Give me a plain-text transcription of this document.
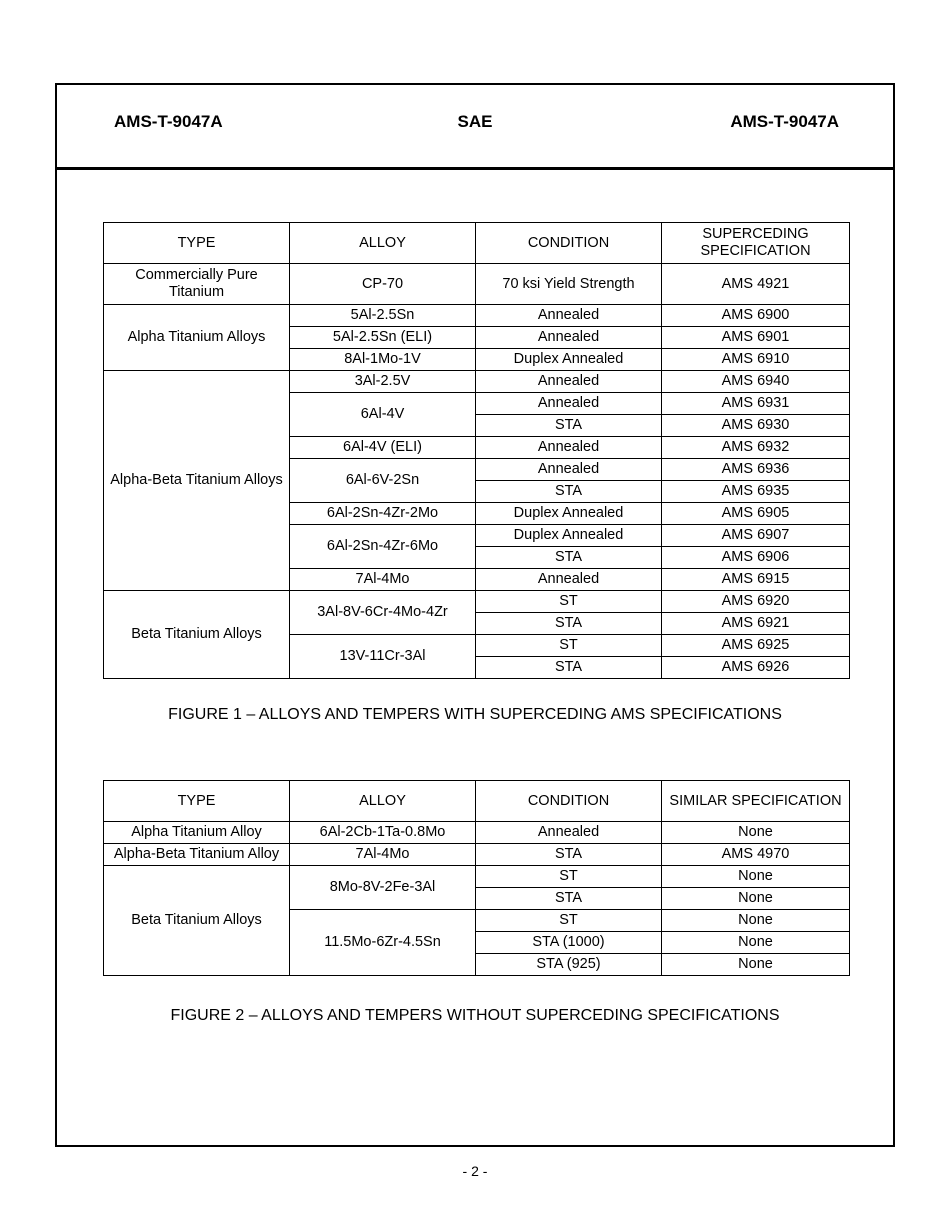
AMS-T-9047A	SAE	AMS-T-9047A
TYPE	ALLOY	CONDITION	SUPERCEDING SPECIFICATION
Commercially Pure Titanium	CP-70	70 ksi Yield Strength	AMS 4921
Alpha Titanium Alloys	5Al-2.5Sn	Annealed	AMS 6900
	5Al-2.5Sn (ELI)	Annealed	AMS 6901
	8Al-1Mo-1V	Duplex Annealed	AMS 6910
Alpha-Beta Titanium Alloys	3Al-2.5V	Annealed	AMS 6940
	6Al-4V	Annealed	AMS 6931
		STA	AMS 6930
	6Al-4V (ELI)	Annealed	AMS 6932
	6Al-6V-2Sn	Annealed	AMS 6936
		STA	AMS 6935
	6Al-2Sn-4Zr-2Mo	Duplex Annealed	AMS 6905
	6Al-2Sn-4Zr-6Mo	Duplex Annealed	AMS 6907
		STA	AMS 6906
	7Al-4Mo	Annealed	AMS 6915
Beta Titanium Alloys	3Al-8V-6Cr-4Mo-4Zr	ST	AMS 6920
		STA	AMS 6921
	13V-11Cr-3Al	ST	AMS 6925
		STA	AMS 6926
FIGURE 1 – ALLOYS AND TEMPERS WITH SUPERCEDING AMS SPECIFICATIONS
TYPE	ALLOY	CONDITION	SIMILAR SPECIFICATION
Alpha Titanium Alloy	6Al-2Cb-1Ta-0.8Mo	Annealed	None
Alpha-Beta Titanium Alloy	7Al-4Mo	STA	AMS 4970
Beta Titanium Alloys	8Mo-8V-2Fe-3Al	ST	None
		STA	None
	11.5Mo-6Zr-4.5Sn	ST	None
		STA (1000)	None
		STA (925)	None
FIGURE 2 – ALLOYS AND TEMPERS WITHOUT SUPERCEDING SPECIFICATIONS
- 2 -
